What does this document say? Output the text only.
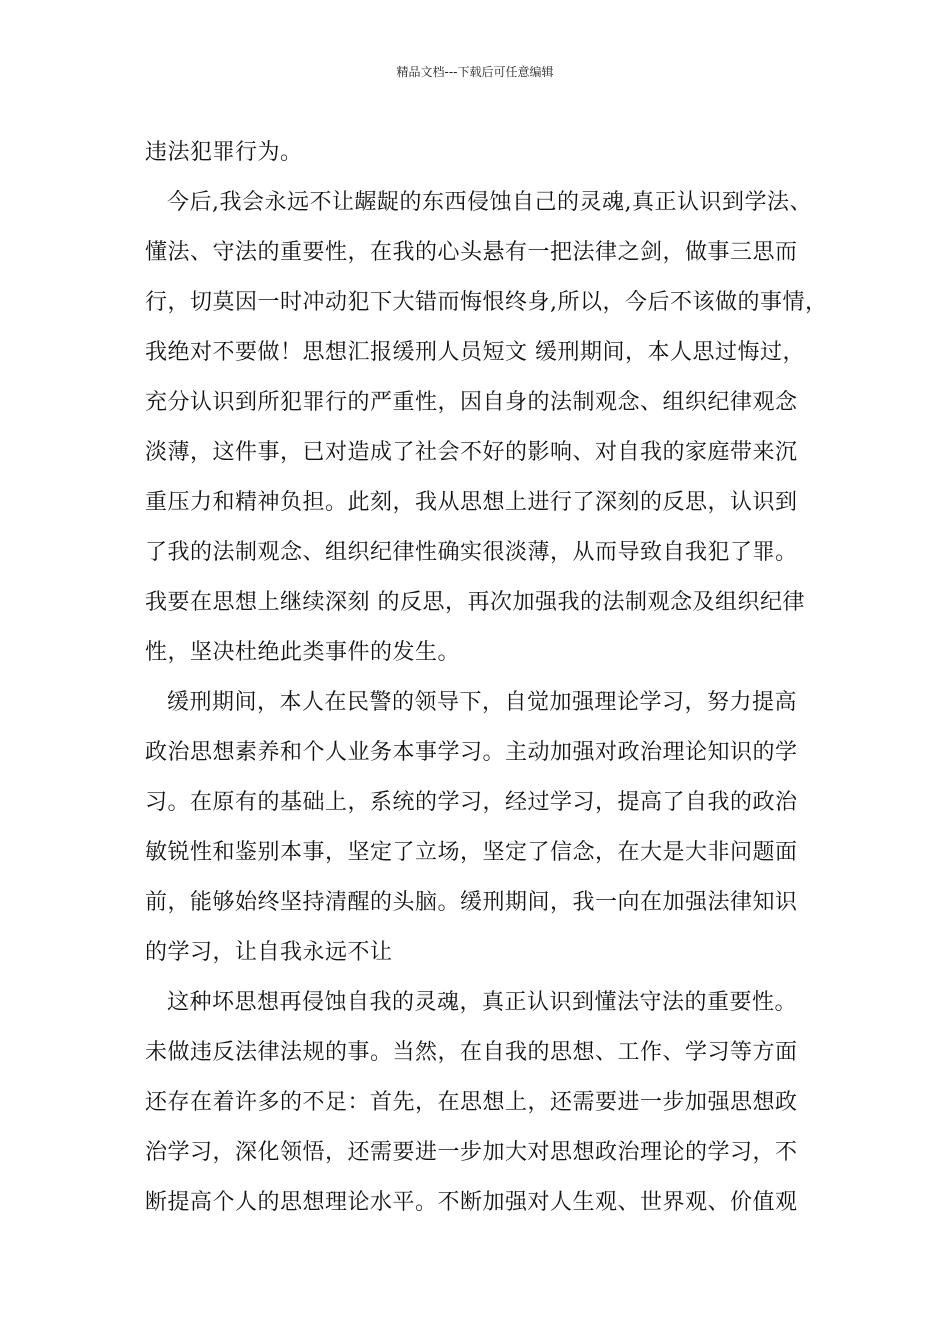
精品文档---下载后可任意编辑
违法犯罪行为。
今后,我会永远不让龌龊的东西侵蚀自己的灵魂,真正认识到学法、
懂法、守法的重要性，在我的心头悬有一把法律之剑，做事三思而
行，切莫因一时冲动犯下大错而悔恨终身,所以，今后不该做的事情，
我绝对不要做！思想汇报缓刑人员短文 缓刑期间，本人思过悔过，
充分认识到所犯罪行的严重性，因自身的法制观念、组织纪律观念
淡薄，这件事，已对造成了社会不好的影响、对自我的家庭带来沉
重压力和精神负担。此刻，我从思想上进行了深刻的反思，认识到
了我的法制观念、组织纪律性确实很淡薄，从而导致自我犯了罪。
我要在思想上继续深刻 的反思，再次加强我的法制观念及组织纪律
性，坚决杜绝此类事件的发生。
缓刑期间，本人在民警的领导下，自觉加强理论学习，努力提高
政治思想素养和个人业务本事学习。主动加强对政治理论知识的学
习。在原有的基础上，系统的学习，经过学习，提高了自我的政治
敏锐性和鉴别本事，坚定了立场，坚定了信念，在大是大非问题面
前，能够始终坚持清醒的头脑。缓刑期间，我一向在加强法律知识
的学习，让自我永远不让
这种坏思想再侵蚀自我的灵魂，真正认识到懂法守法的重要性。
未做违反法律法规的事。当然，在自我的思想、工作、学习等方面
还存在着许多的不足：首先，在思想上，还需要进一步加强思想政
治学习，深化领悟，还需要进一步加大对思想政治理论的学习，不
断提高个人的思想理论水平。不断加强对人生观、世界观、价值观
